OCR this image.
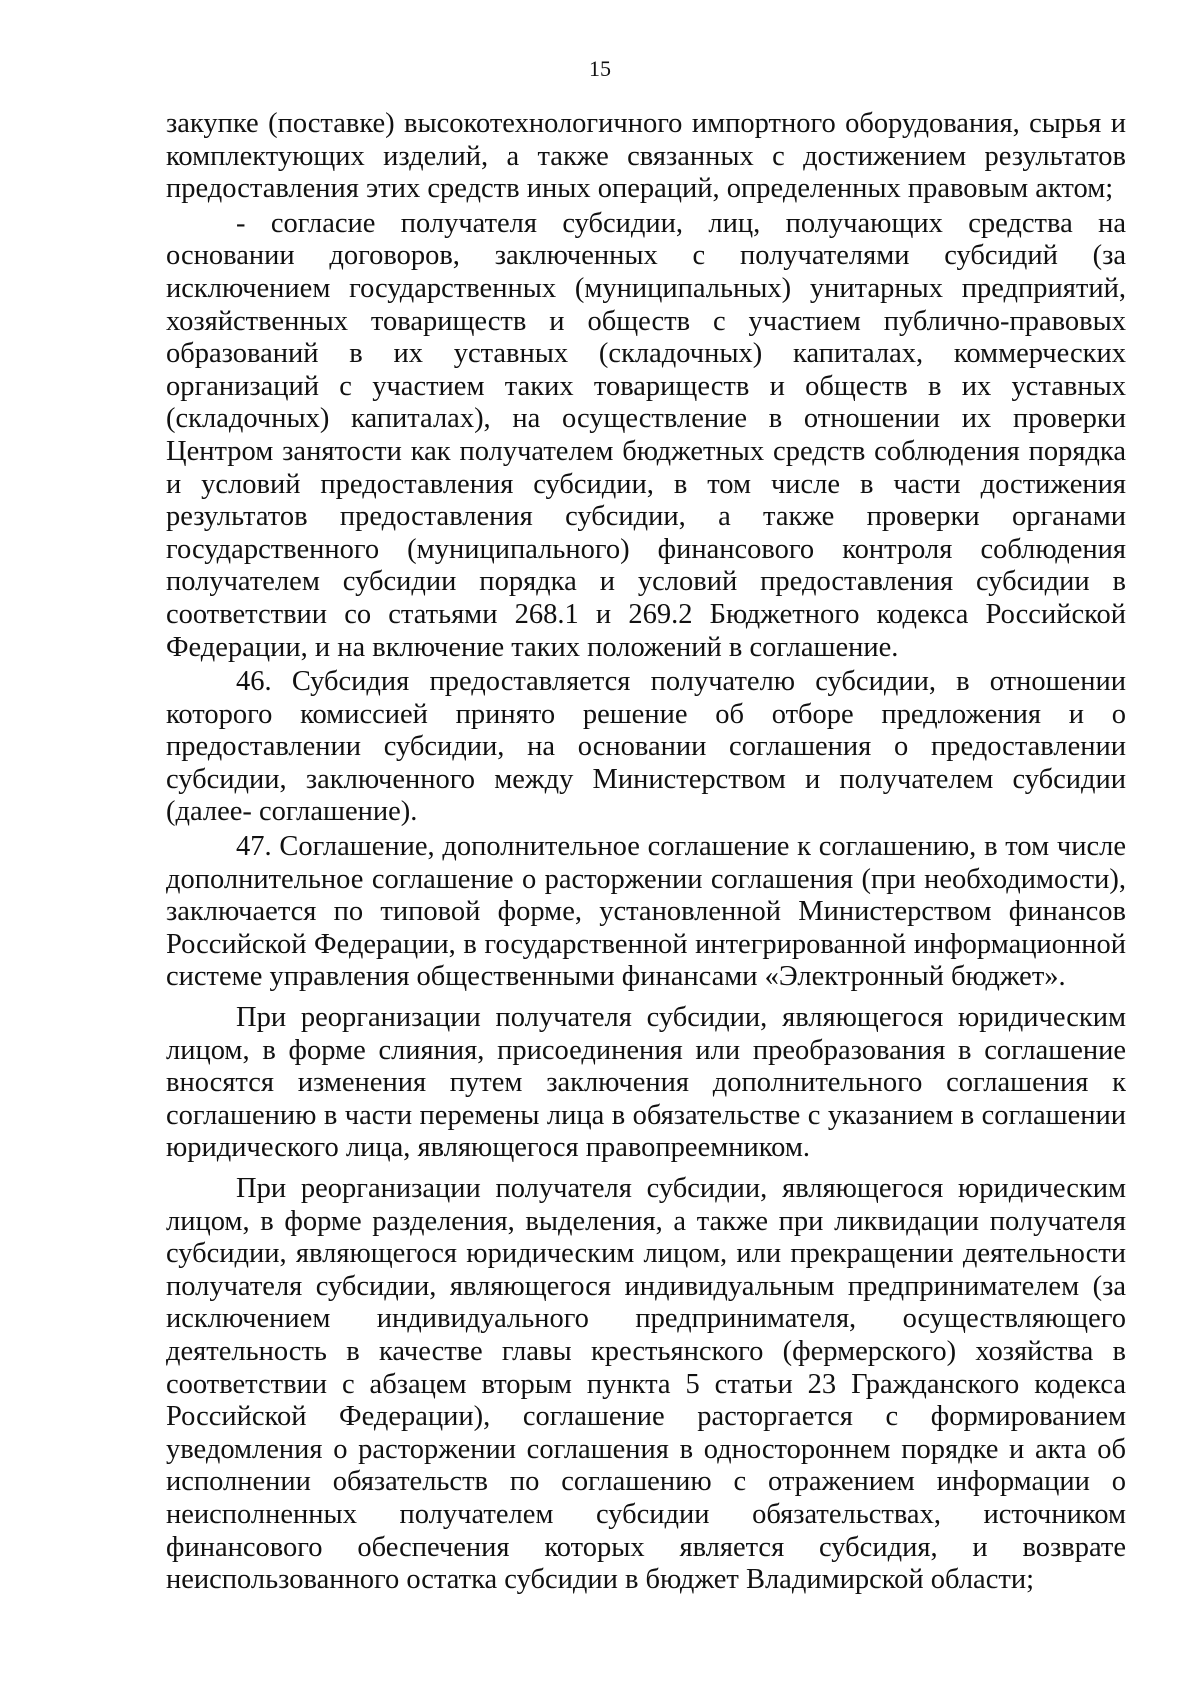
15

закупке (поставке) высокотехнологичного импортного оборудования, сырья и комплектующих изделий, а также связанных с достижением результатов предоставления этих средств иных операций, определенных правовым актом;

- согласие получателя субсидии, лиц, получающих средства на основании договоров, заключенных с получателями субсидий (за исключением государственных (муниципальных) унитарных предприятий, хозяйственных товариществ и обществ с участием публично-правовых образований в их уставных (складочных) капиталах, коммерческих организаций с участием таких товариществ и обществ в их уставных (складочных) капиталах), на осуществление в отношении их проверки Центром занятости как получателем бюджетных средств соблюдения порядка и условий предоставления субсидии, в том числе в части достижения результатов предоставления субсидии, а также проверки органами государственного (муниципального) финансового контроля соблюдения получателем субсидии порядка и условий предоставления субсидии в соответствии со статьями 268.1 и 269.2 Бюджетного кодекса Российской Федерации, и на включение таких положений в соглашение.

46. Субсидия предоставляется получателю субсидии, в отношении которого комиссией принято решение об отборе предложения и о предоставлении субсидии, на основании соглашения о предоставлении субсидии, заключенного между Министерством и получателем субсидии (далее- соглашение).

47. Соглашение, дополнительное соглашение к соглашению, в том числе дополнительное соглашение о расторжении соглашения (при необходимости), заключается по типовой форме, установленной Министерством финансов Российской Федерации, в государственной интегрированной информационной системе управления общественными финансами «Электронный бюджет».

При реорганизации получателя субсидии, являющегося юридическим лицом, в форме слияния, присоединения или преобразования в соглашение вносятся изменения путем заключения дополнительного соглашения к соглашению в части перемены лица в обязательстве с указанием в соглашении юридического лица, являющегося правопреемником.

При реорганизации получателя субсидии, являющегося юридическим лицом, в форме разделения, выделения, а также при ликвидации получателя субсидии, являющегося юридическим лицом, или прекращении деятельности получателя субсидии, являющегося индивидуальным предпринимателем (за исключением индивидуального предпринимателя, осуществляющего деятельность в качестве главы крестьянского (фермерского) хозяйства в соответствии с абзацем вторым пункта 5 статьи 23 Гражданского кодекса Российской Федерации), соглашение расторгается с формированием уведомления о расторжении соглашения в одностороннем порядке и акта об исполнении обязательств по соглашению с отражением информации о неисполненных получателем субсидии обязательствах, источником финансового обеспечения которых является субсидия, и возврате неиспользованного остатка субсидии в бюджет Владимирской области;
